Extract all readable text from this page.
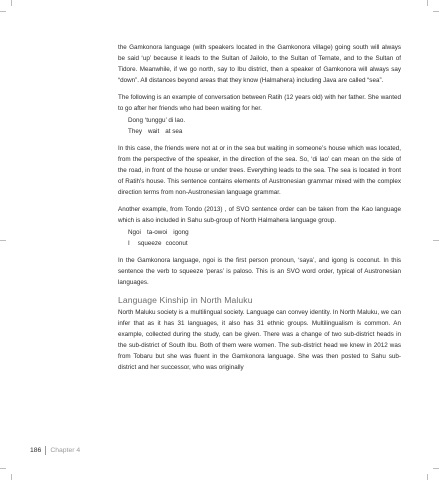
the Gamkonora language (with speakers located in the Gamkonora village) going south will always be said ‘up’ because it leads to the Sultan of Jailolo, to the Sultan of Ternate, and to the Sultan of Tidore. Meanwhile, if we go north, say to Ibu district, then a speaker of Gamkonora will always say “down”. All distances beyond areas that they know (Halmahera) including Java are called “sea”.

The following is an example of conversation between Ratih (12 years old) with her father. She wanted to go after her friends who had been waiting for her.

Dong ‘tunggu’ di lao.
They wait at sea

In this case, the friends were not at or in the sea but waiting in someone’s house which was located, from the perspective of the speaker, in the direction of the sea. So, ‘di lao’ can mean on the side of the road, in front of the house or under trees. Everything leads to the sea. The sea is located in front of Ratih’s house. This sentence contains elements of Austronesian grammar mixed with the complex direction terms from non-Austronesian language grammar.

Another example, from Tondo (2013) , of SVO sentence order can be taken from the Kao language which is also included in Sahu sub-group of North Halmahera language group.

Ngoi ta-owoi igong
I squeeze coconut

In the Gamkonora language, ngoi is the first person pronoun, ‘saya’, and igong is coconut. In this sentence the verb to squeeze ‘peras’ is paloso. This is an SVO word order, typical of Austronesian languages.

Language Kinship in North Maluku

North Maluku society is a multilingual society. Language can convey identity. In North Maluku, we can infer that as it has 31 languages, it also has 31 ethnic groups. Multilingualism is common. An example, collected during the study, can be given. There was a change of two sub-district heads in the sub-district of South Ibu. Both of them were women. The sub-district head we knew in 2012 was from Tobaru but she was fluent in the Gamkonora language. She was then posted to Sahu sub-district and her successor, who was originally

186	Chapter 4
